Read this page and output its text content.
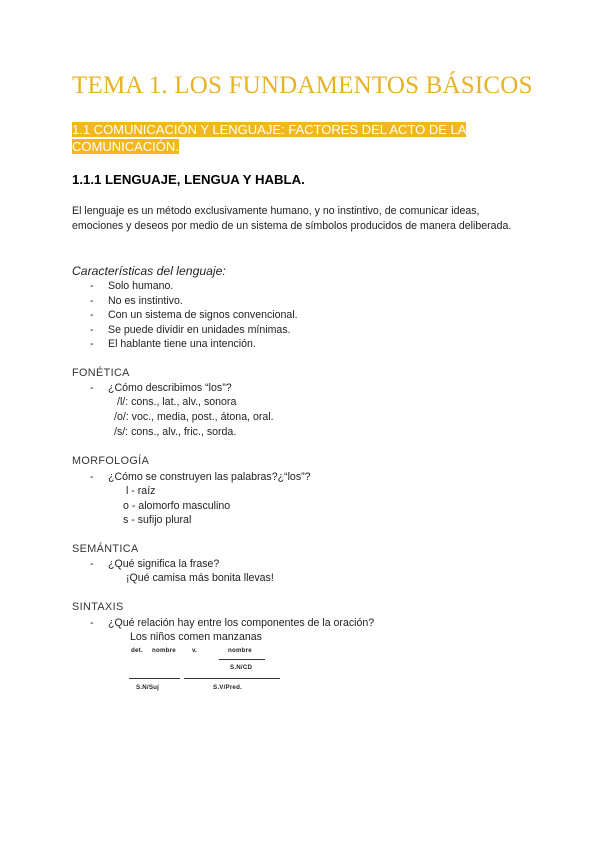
TEMA 1. LOS FUNDAMENTOS BÁSICOS
1.1 COMUNICACIÓN Y LENGUAJE: FACTORES DEL ACTO DE LA COMUNICACIÓN.
1.1.1 LENGUAJE, LENGUA Y HABLA.
El lenguaje es un método exclusivamente humano, y no instintivo, de comunicar ideas, emociones y deseos por medio de un sistema de símbolos producidos de manera deliberada.
Características del lenguaje:
- Solo humano.
- No es instintivo.
- Con un sistema de signos convencional.
- Se puede dividir en unidades mínimas.
- El hablante tiene una intención.
FONÉTICA
- ¿Cómo describimos “los”?
/l/: cons., lat., alv., sonora
/o/: voc., media, post., átona, oral.
/s/: cons., alv., fric., sorda.
MORFOLOGÍA
- ¿Cómo se construyen las palabras?¿“los”?
l - raíz
o - alomorfo masculino
s - sufijo plural
SEMÁNTICA
- ¿Qué significa la frase?
¡Qué camisa más bonita llevas!
SINTAXIS
- ¿Qué relación hay entre los componentes de la oración?
Los niños comen manzanas
det. nombre	v.	nombre
S.N/CD
S.N/Suj	S.V/Pred.
